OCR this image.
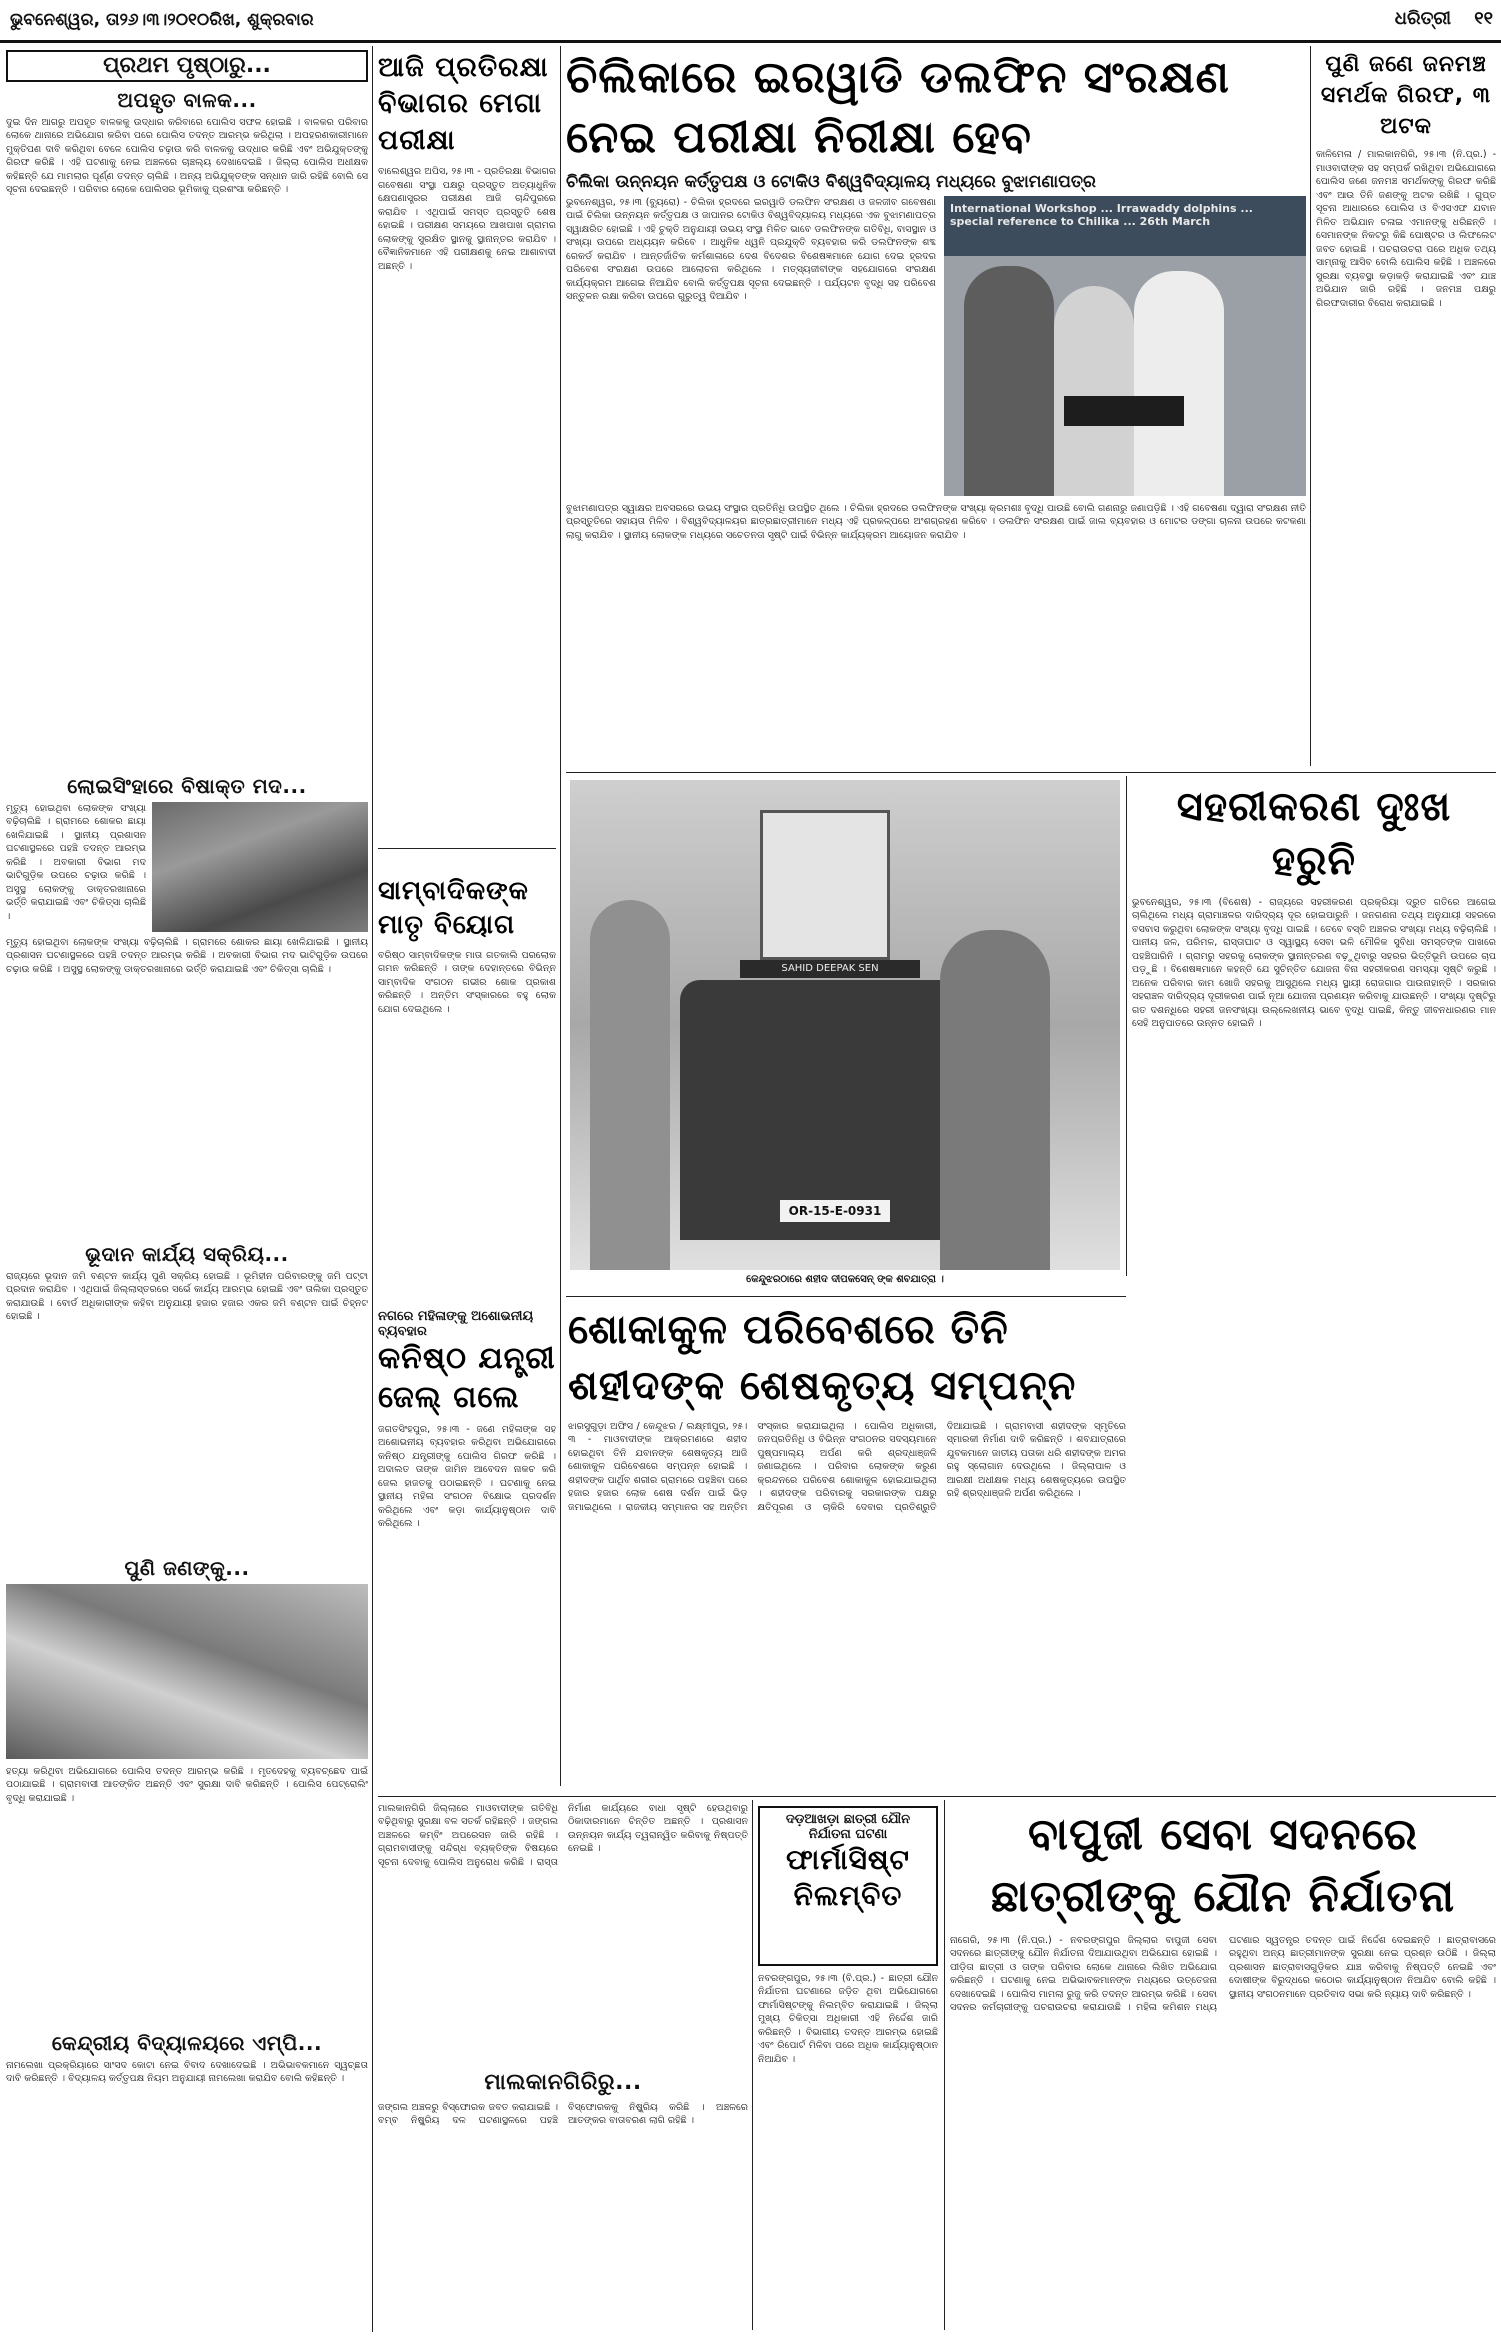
ଭୁବନେଶ୍ୱର, ତା୨୬।୩।୨୦୧୦ରିଖ, ଶୁକ୍ରବାର	ଧରିତ୍ରୀ ୧୧
ପ୍ରଥମ ପୃଷ୍ଠାରୁ...
ଅପହୃତ ବାଳକ...
ଦୁଇ ଦିନ ଆଗରୁ ଅପହୃତ ବାଳକକୁ ଉଦ୍ଧାର କରିବାରେ ପୋଲିସ ସଫଳ ହୋଇଛି । ବାଳକର ପରିବାର ଲୋକେ ଥାନାରେ ଅଭିଯୋଗ କରିବା ପରେ ପୋଲିସ ତଦନ୍ତ ଆରମ୍ଭ କରିଥିଲା । ଅପହରଣକାରୀମାନେ ମୁକ୍ତିପଣ ଦାବି କରିଥିବା ବେଳେ ପୋଲିସ ଚଢ଼ାଉ କରି ବାଳକକୁ ଉଦ୍ଧାର କରିଛି ଏବଂ ଅଭିଯୁକ୍ତଙ୍କୁ ଗିରଫ କରିଛି । ଏହି ଘଟଣାକୁ ନେଇ ଅଞ୍ଚଳରେ ଚାଞ୍ଚଲ୍ୟ ଦେଖାଦେଇଛି । ଜିଲ୍ଲା ପୋଲିସ ଅଧୀକ୍ଷକ କହିଛନ୍ତି ଯେ ମାମଲାର ପୂର୍ଣ୍ଣ ତଦନ୍ତ ଚାଲିଛି । ଅନ୍ୟ ଅଭିଯୁକ୍ତଙ୍କ ସନ୍ଧାନ ଜାରି ରହିଛି ବୋଲି ସେ ସୂଚନା ଦେଇଛନ୍ତି । ପରିବାର ଲୋକେ ପୋଲିସର ଭୂମିକାକୁ ପ୍ରଶଂସା କରିଛନ୍ତି ।
ଲୋଇସିଂହାରେ ବିଷାକ୍ତ ମଦ...
ମୃତ୍ୟୁ ହୋଇଥିବା ଲୋକଙ୍କ ସଂଖ୍ୟା ବଢ଼ିଚାଲିଛି । ଗ୍ରାମରେ ଶୋକର ଛାୟା ଖେଳିଯାଇଛି । ସ୍ଥାନୀୟ ପ୍ରଶାସନ ଘଟଣାସ୍ଥଳରେ ପହଞ୍ଚି ତଦନ୍ତ ଆରମ୍ଭ କରିଛି । ଅବକାରୀ ବିଭାଗ ମଦ ଭାଟିଗୁଡ଼ିକ ଉପରେ ଚଢ଼ାଉ କରିଛି । ଅସୁସ୍ଥ ଲୋକଙ୍କୁ ଡାକ୍ତରଖାନାରେ ଭର୍ତ୍ତି କରାଯାଇଛି ଏବଂ ଚିକିତ୍ସା ଚାଲିଛି ।
ମୃତ୍ୟୁ ହୋଇଥିବା ଲୋକଙ୍କ ସଂଖ୍ୟା ବଢ଼ିଚାଲିଛି । ଗ୍ରାମରେ ଶୋକର ଛାୟା ଖେଳିଯାଇଛି । ସ୍ଥାନୀୟ ପ୍ରଶାସନ ଘଟଣାସ୍ଥଳରେ ପହଞ୍ଚି ତଦନ୍ତ ଆରମ୍ଭ କରିଛି । ଅବକାରୀ ବିଭାଗ ମଦ ଭାଟିଗୁଡ଼ିକ ଉପରେ ଚଢ଼ାଉ କରିଛି । ଅସୁସ୍ଥ ଲୋକଙ୍କୁ ଡାକ୍ତରଖାନାରେ ଭର୍ତ୍ତି କରାଯାଇଛି ଏବଂ ଚିକିତ୍ସା ଚାଲିଛି ।
ଭୂଦାନ କାର୍ଯ୍ୟ ସକ୍ରିୟ...
ରାଜ୍ୟରେ ଭୂଦାନ ଜମି ବଣ୍ଟନ କାର୍ଯ୍ୟ ପୁଣି ସକ୍ରିୟ ହୋଇଛି । ଭୂମିହୀନ ପରିବାରଙ୍କୁ ଜମି ପଟ୍ଟା ପ୍ରଦାନ କରାଯିବ । ଏଥିପାଇଁ ଜିଲ୍ଲାସ୍ତରରେ ସର୍ଭେ କାର୍ଯ୍ୟ ଆରମ୍ଭ ହୋଇଛି ଏବଂ ତାଲିକା ପ୍ରସ୍ତୁତ କରାଯାଉଛି । ବୋର୍ଡ ଅଧିକାରୀଙ୍କ କହିବା ଅନୁଯାୟୀ ହଜାର ହଜାର ଏକର ଜମି ବଣ୍ଟନ ପାଇଁ ଚିହ୍ନଟ ହୋଇଛି ।
ପୁଣି ଜଣଙ୍କୁ...
ହତ୍ୟା କରିଥିବା ଅଭିଯୋଗରେ ପୋଲିସ ତଦନ୍ତ ଆରମ୍ଭ କରିଛି । ମୃତଦେହକୁ ବ୍ୟବଚ୍ଛେଦ ପାଇଁ ପଠାଯାଇଛି । ଗ୍ରାମବାସୀ ଆତଙ୍କିତ ଅଛନ୍ତି ଏବଂ ସୁରକ୍ଷା ଦାବି କରିଛନ୍ତି । ପୋଲିସ ପେଟ୍ରୋଲିଂ ବୃଦ୍ଧି କରାଯାଇଛି ।
କେନ୍ଦ୍ରୀୟ ବିଦ୍ୟାଳୟରେ ଏମ୍ପି...
ନାମଲେଖା ପ୍ରକ୍ରିୟାରେ ସାଂସଦ କୋଟା ନେଇ ବିବାଦ ଦେଖାଦେଇଛି । ଅଭିଭାବକମାନେ ସ୍ୱଚ୍ଛତା ଦାବି କରିଛନ୍ତି । ବିଦ୍ୟାଳୟ କର୍ତ୍ତୃପକ୍ଷ ନିୟମ ଅନୁଯାୟୀ ନାମଲେଖା କରାଯିବ ବୋଲି କହିଛନ୍ତି ।
ଆଜି ପ୍ରତିରକ୍ଷା ବିଭାଗର ମେଗା ପରୀକ୍ଷା
ବାଲେଶ୍ୱର ଅପିସ, ୨୫।୩ - ପ୍ରତିରକ୍ଷା ବିଭାଗର ଗବେଷଣା ସଂସ୍ଥା ପକ୍ଷରୁ ପ୍ରସ୍ତୁତ ଅତ୍ୟାଧୁନିକ କ୍ଷେପଣାସ୍ତ୍ରର ପରୀକ୍ଷଣ ଆଜି ଚାନ୍ଦିପୁରରେ କରାଯିବ । ଏଥିପାଇଁ ସମସ୍ତ ପ୍ରସ୍ତୁତି ଶେଷ ହୋଇଛି । ପରୀକ୍ଷଣ ସମୟରେ ଆଖପାଖ ଗ୍ରାମର ଲୋକଙ୍କୁ ସୁରକ୍ଷିତ ସ୍ଥାନକୁ ସ୍ଥାନାନ୍ତର କରାଯିବ । ବୈଜ୍ଞାନିକମାନେ ଏହି ପରୀକ୍ଷଣକୁ ନେଇ ଆଶାବାଦୀ ଅଛନ୍ତି ।
ସାମ୍ବାଦିକଙ୍କ ମାତୃ ବିୟୋଗ
ବରିଷ୍ଠ ସାମ୍ବାଦିକଙ୍କ ମାତା ଗତକାଲି ପରଲୋକ ଗମନ କରିଛନ୍ତି । ତାଙ୍କ ଦେହାନ୍ତରେ ବିଭିନ୍ନ ସାମ୍ବାଦିକ ସଂଗଠନ ଗଭୀର ଶୋକ ପ୍ରକାଶ କରିଛନ୍ତି । ଅନ୍ତିମ ସଂସ୍କାରରେ ବହୁ ଲୋକ ଯୋଗ ଦେଇଥିଲେ ।
ନଗରେ ମହିଳାଙ୍କୁ ଅଶୋଭନୀୟ ବ୍ୟବହାର
କନିଷ୍ଠ ଯନ୍ତ୍ରୀ ଜେଲ୍ ଗଲେ
ଜଗତସିଂହପୁର, ୨୫।୩ - ଜଣେ ମହିଳାଙ୍କ ସହ ଅଶୋଭନୀୟ ବ୍ୟବହାର କରିଥିବା ଅଭିଯୋଗରେ କନିଷ୍ଠ ଯନ୍ତ୍ରୀଙ୍କୁ ପୋଲିସ ଗିରଫ କରିଛି । ଅଦାଲତ ତାଙ୍କ ଜାମିନ ଆବେଦନ ନାକଚ କରି ଜେଲ ହାଜତକୁ ପଠାଇଛନ୍ତି । ଘଟଣାକୁ ନେଇ ସ୍ଥାନୀୟ ମହିଳା ସଂଗଠନ ବିକ୍ଷୋଭ ପ୍ରଦର୍ଶନ କରିଥିଲେ ଏବଂ କଡ଼ା କାର୍ଯ୍ୟାନୁଷ୍ଠାନ ଦାବି କରିଥିଲେ ।
ଚିଲିକାରେ ଇରୱାଡି ଡଲଫିନ ସଂରକ୍ଷଣ
ନେଇ ପରୀକ୍ଷା ନିରୀକ୍ଷା ହେବ
ଚିଲିକା ଉନ୍ନୟନ କର୍ତ୍ତୃପକ୍ଷ ଓ ଟୋକିଓ ବିଶ୍ୱବିଦ୍ୟାଳୟ ମଧ୍ୟରେ ବୁଝାମଣାପତ୍ର
ଭୁବନେଶ୍ୱର, ୨୫।୩ (ବ୍ୟୁରୋ) - ଚିଲିକା ହ୍ରଦରେ ଇରୱାଡି ଡଲଫିନ ସଂରକ୍ଷଣ ଓ ଜଳଜୀବ ଗବେଷଣା ପାଇଁ ଚିଲିକା ଉନ୍ନୟନ କର୍ତ୍ତୃପକ୍ଷ ଓ ଜାପାନର ଟୋକିଓ ବିଶ୍ୱବିଦ୍ୟାଳୟ ମଧ୍ୟରେ ଏକ ବୁଝାମଣାପତ୍ର ସ୍ୱାକ୍ଷରିତ ହୋଇଛି । ଏହି ଚୁକ୍ତି ଅନୁଯାୟୀ ଉଭୟ ସଂସ୍ଥା ମିଳିତ ଭାବେ ଡଲଫିନଙ୍କ ଗତିବିଧି, ବାସସ୍ଥାନ ଓ ସଂଖ୍ୟା ଉପରେ ଅଧ୍ୟୟନ କରିବେ । ଆଧୁନିକ ଧ୍ୱନି ପ୍ରଯୁକ୍ତି ବ୍ୟବହାର କରି ଡଲଫିନଙ୍କ ଶବ୍ଦ ରେକର୍ଡ କରାଯିବ । ଆନ୍ତର୍ଜାତିକ କର୍ମଶାଳାରେ ଦେଶ ବିଦେଶର ବିଶେଷଜ୍ଞମାନେ ଯୋଗ ଦେଇ ହ୍ରଦର ପରିବେଶ ସଂରକ୍ଷଣ ଉପରେ ଆଲୋଚନା କରିଥିଲେ । ମତ୍ସ୍ୟଜୀବୀଙ୍କ ସହଯୋଗରେ ସଂରକ୍ଷଣ କାର୍ଯ୍ୟକ୍ରମ ଆଗେଇ ନିଆଯିବ ବୋଲି କର୍ତ୍ତୃପକ୍ଷ ସୂଚନା ଦେଇଛନ୍ତି । ପର୍ଯ୍ୟଟନ ବୃଦ୍ଧି ସହ ପରିବେଶ ସନ୍ତୁଳନ ରକ୍ଷା କରିବା ଉପରେ ଗୁରୁତ୍ୱ ଦିଆଯିବ ।
International Workshop ... Irrawaddy dolphins ... special reference to Chilika ... 26th March
ବୁଝାମଣାପତ୍ର ସ୍ୱାକ୍ଷର ଅବସରରେ ଉଭୟ ସଂସ୍ଥାର ପ୍ରତିନିଧି ଉପସ୍ଥିତ ଥିଲେ । ଚିଲିକା ହ୍ରଦରେ ଡଲଫିନଙ୍କ ସଂଖ୍ୟା କ୍ରମଶଃ ବୃଦ୍ଧି ପାଉଛି ବୋଲି ଗଣନାରୁ ଜଣାପଡ଼ିଛି । ଏହି ଗବେଷଣା ଦ୍ୱାରା ସଂରକ୍ଷଣ ନୀତି ପ୍ରସ୍ତୁତିରେ ସହାୟତା ମିଳିବ । ବିଶ୍ୱବିଦ୍ୟାଳୟର ଛାତ୍ରଛାତ୍ରୀମାନେ ମଧ୍ୟ ଏହି ପ୍ରକଳ୍ପରେ ଅଂଶଗ୍ରହଣ କରିବେ । ଡଲଫିନ ସଂରକ୍ଷଣ ପାଇଁ ଜାଲ ବ୍ୟବହାର ଓ ମୋଟର ଡଙ୍ଗା ଚାଳନା ଉପରେ କଟକଣା ଲାଗୁ କରାଯିବ । ସ୍ଥାନୀୟ ଲୋକଙ୍କ ମଧ୍ୟରେ ସଚେତନତା ସୃଷ୍ଟି ପାଇଁ ବିଭିନ୍ନ କାର୍ଯ୍ୟକ୍ରମ ଆୟୋଜନ କରାଯିବ ।
ପୁଣି ଜଣେ ଜନମଞ୍ଚ ସମର୍ଥକ ଗିରଫ, ୩ ଅଟକ
କାଳିମେଳା / ମାଲକାନଗିରି, ୨୫।୩ (ନି.ପ୍ର.) - ମାଓବାଦୀଙ୍କ ସହ ସମ୍ପର୍କ ରଖିଥିବା ଅଭିଯୋଗରେ ପୋଲିସ ଜଣେ ଜନମଞ୍ଚ ସମର୍ଥକଙ୍କୁ ଗିରଫ କରିଛି ଏବଂ ଆଉ ତିନି ଜଣଙ୍କୁ ଅଟକ ରଖିଛି । ଗୁପ୍ତ ସୂଚନା ଆଧାରରେ ପୋଲିସ ଓ ବିଏସଏଫ ଯବାନ ମିଳିତ ଅଭିଯାନ ଚଳାଇ ଏମାନଙ୍କୁ ଧରିଛନ୍ତି । ସେମାନଙ୍କ ନିକଟରୁ କିଛି ପୋଷ୍ଟର ଓ ଲିଫଲେଟ ଜବତ ହୋଇଛି । ପଚରାଉଚରା ପରେ ଅଧିକ ତଥ୍ୟ ସାମ୍ନାକୁ ଆସିବ ବୋଲି ପୋଲିସ କହିଛି । ଅଞ୍ଚଳରେ ସୁରକ୍ଷା ବ୍ୟବସ୍ଥା କଡ଼ାକଡ଼ି କରାଯାଇଛି ଏବଂ ଯାଞ୍ଚ ଅଭିଯାନ ଜାରି ରହିଛି । ଜନମଞ୍ଚ ପକ୍ଷରୁ ଗିରଫଦାରୀର ବିରୋଧ କରାଯାଇଛି ।
SAHID DEEPAK SEN
OR-15-E-0931
କେନ୍ଦୁଝରଠାରେ ଶହୀଦ ଦୀପକସେନ୍ ଙ୍କ ଶବଯାତ୍ରା ।
ସହରୀକରଣ ଦୁଃଖ ହରୁନି
ଭୁବନେଶ୍ୱର, ୨୫।୩ (ବିଶେଷ) - ରାଜ୍ୟରେ ସହରୀକରଣ ପ୍ରକ୍ରିୟା ଦ୍ରୁତ ଗତିରେ ଆଗେଇ ଚାଲିଥିଲେ ମଧ୍ୟ ଗ୍ରାମାଞ୍ଚଳର ଦାରିଦ୍ର୍ୟ ଦୂର ହୋଇପାରୁନି । ଜନଗଣନା ତଥ୍ୟ ଅନୁଯାୟୀ ସହରରେ ବସବାସ କରୁଥିବା ଲୋକଙ୍କ ସଂଖ୍ୟା ବୃଦ୍ଧି ପାଇଛି । ତେବେ ବସ୍ତି ଅଞ୍ଚଳର ସଂଖ୍ୟା ମଧ୍ୟ ବଢ଼ିଚାଲିଛି । ପାନୀୟ ଜଳ, ପରିମଳ, ରାସ୍ତାଘାଟ ଓ ସ୍ୱାସ୍ଥ୍ୟ ସେବା ଭଳି ମୌଳିକ ସୁବିଧା ସମସ୍ତଙ୍କ ପାଖରେ ପହଞ୍ଚିପାରିନି । ଗ୍ରାମରୁ ସହରକୁ ଲୋକଙ୍କ ସ୍ଥାନାନ୍ତରଣ ବଢ଼ୁଥିବାରୁ ସହରର ଭିତ୍ତିଭୂମି ଉପରେ ଚାପ ପଡ଼ୁଛି । ବିଶେଷଜ୍ଞମାନେ କହନ୍ତି ଯେ ସୁଚିନ୍ତିତ ଯୋଜନା ବିନା ସହରୀକରଣ ସମସ୍ୟା ସୃଷ୍ଟି କରୁଛି । ଅନେକ ପରିବାର କାମ ଖୋଜି ସହରକୁ ଆସୁଥିଲେ ମଧ୍ୟ ସ୍ଥାୟୀ ରୋଜଗାର ପାଉନାହାନ୍ତି । ସରକାର ସହରାଞ୍ଚଳ ଦାରିଦ୍ର୍ୟ ଦୂରୀକରଣ ପାଇଁ ନୂଆ ଯୋଜନା ପ୍ରଣୟନ କରିବାକୁ ଯାଉଛନ୍ତି । ସଂଖ୍ୟା ଦୃଷ୍ଟିରୁ ଗତ ଦଶନ୍ଧିରେ ସହରୀ ଜନସଂଖ୍ୟା ଉଲ୍ଲେଖନୀୟ ଭାବେ ବୃଦ୍ଧି ପାଇଛି, କିନ୍ତୁ ଜୀବନଧାରଣର ମାନ ସେହି ଅନୁପାତରେ ଉନ୍ନତ ହୋଇନି ।
ଶୋକାକୁଳ ପରିବେଶରେ ତିନି
ଶହୀଦଙ୍କ ଶେଷକୃତ୍ୟ ସମ୍ପନ୍ନ
ଝାରସୁଗୁଡ଼ା ଅଫିସ / କେନ୍ଦୁଝର / ଲକ୍ଷ୍ମୀପୁର, ୨୫।୩ - ମାଓବାଦୀଙ୍କ ଆକ୍ରମଣରେ ଶହୀଦ ହୋଇଥିବା ତିନି ଯବାନଙ୍କ ଶେଷକୃତ୍ୟ ଆଜି ଶୋକାକୁଳ ପରିବେଶରେ ସମ୍ପନ୍ନ ହୋଇଛି । ଶହୀଦଙ୍କ ପାର୍ଥିବ ଶରୀର ଗ୍ରାମରେ ପହଞ୍ଚିବା ପରେ ହଜାର ହଜାର ଲୋକ ଶେଷ ଦର୍ଶନ ପାଇଁ ଭିଡ଼ ଜମାଇଥିଲେ । ରାଜକୀୟ ସମ୍ମାନର ସହ ଅନ୍ତିମ ସଂସ୍କାର କରାଯାଇଥିଲା । ପୋଲିସ ଅଧିକାରୀ, ଜନପ୍ରତିନିଧି ଓ ବିଭିନ୍ନ ସଂଗଠନର ସଦସ୍ୟମାନେ ପୁଷ୍ପମାଲ୍ୟ ଅର୍ପଣ କରି ଶ୍ରଦ୍ଧାଞ୍ଜଳି ଜଣାଇଥିଲେ । ପରିବାର ଲୋକଙ୍କ କରୁଣ କ୍ରନ୍ଦନରେ ପରିବେଶ ଶୋକାକୁଳ ହୋଇଯାଇଥିଲା । ଶହୀଦଙ୍କ ପରିବାରକୁ ସରକାରଙ୍କ ପକ୍ଷରୁ କ୍ଷତିପୂରଣ ଓ ଚାକିରି ଦେବାର ପ୍ରତିଶ୍ରୁତି ଦିଆଯାଇଛି । ଗ୍ରାମବାସୀ ଶହୀଦଙ୍କ ସ୍ମୃତିରେ ସ୍ମାରକୀ ନିର୍ମାଣ ଦାବି କରିଛନ୍ତି । ଶବଯାତ୍ରାରେ ଯୁବକମାନେ ଜାତୀୟ ପତାକା ଧରି ଶହୀଦଙ୍କ ଅମର ରହୁ ସ୍ଲୋଗାନ ଦେଉଥିଲେ । ଜିଲ୍ଲାପାଳ ଓ ଆରକ୍ଷୀ ଅଧୀକ୍ଷକ ମଧ୍ୟ ଶେଷକୃତ୍ୟରେ ଉପସ୍ଥିତ ରହି ଶ୍ରଦ୍ଧାଞ୍ଜଳି ଅର୍ପଣ କରିଥିଲେ ।
ମାଲକାନଗିରି ଜିଲ୍ଲାରେ ମାଓବାଦୀଙ୍କ ଗତିବିଧି ବଢ଼ିଥିବାରୁ ସୁରକ୍ଷା ବଳ ସତର୍କ ରହିଛନ୍ତି । ଜଙ୍ଗଲ ଅଞ୍ଚଳରେ କମ୍ବିଂ ଅପରେସନ ଜାରି ରହିଛି । ଗ୍ରାମବାସୀଙ୍କୁ ସନ୍ଦିଗ୍ଧ ବ୍ୟକ୍ତିଙ୍କ ବିଷୟରେ ସୂଚନା ଦେବାକୁ ପୋଲିସ ଅନୁରୋଧ କରିଛି । ରାସ୍ତା ନିର୍ମାଣ କାର୍ଯ୍ୟରେ ବାଧା ସୃଷ୍ଟି ହେଉଥିବାରୁ ଠିକାଦାରମାନେ ଚିନ୍ତିତ ଅଛନ୍ତି । ପ୍ରଶାସନ ଉନ୍ନୟନ କାର୍ଯ୍ୟ ତ୍ୱରାନ୍ୱିତ କରିବାକୁ ନିଷ୍ପତ୍ତି ନେଇଛି ।
ମାଲକାନଗିରିରୁ...
ଜଙ୍ଗଲ ଅଞ୍ଚଳରୁ ବିସ୍ଫୋରକ ଜବତ କରାଯାଇଛି । ବମ୍ବ ନିଷ୍କ୍ରିୟ ଦଳ ଘଟଣାସ୍ଥଳରେ ପହଞ୍ଚି ବିସ୍ଫୋରକକୁ ନିଷ୍କ୍ରିୟ କରିଛି । ଅଞ୍ଚଳରେ ଆତଙ୍କର ବାତାବରଣ ଲାଗି ରହିଛି ।
ଦଡ଼ଆଖଡ଼ା ଛାତ୍ରୀ ଯୌନ ନିର୍ଯାତନା ଘଟଣା
ଫାର୍ମାସିଷ୍ଟ ନିଲମ୍ବିତ
ନବରଙ୍ଗପୁର, ୨୫।୩ (ବି.ପ୍ର.) - ଛାତ୍ରୀ ଯୌନ ନିର୍ଯାତନା ଘଟଣାରେ ଜଡ଼ିତ ଥିବା ଅଭିଯୋଗରେ ଫାର୍ମାସିଷ୍ଟଙ୍କୁ ନିଲମ୍ବିତ କରାଯାଇଛି । ଜିଲ୍ଲା ମୁଖ୍ୟ ଚିକିତ୍ସା ଅଧିକାରୀ ଏହି ନିର୍ଦ୍ଦେଶ ଜାରି କରିଛନ୍ତି । ବିଭାଗୀୟ ତଦନ୍ତ ଆରମ୍ଭ ହୋଇଛି ଏବଂ ରିପୋର୍ଟ ମିଳିବା ପରେ ଅଧିକ କାର୍ଯ୍ୟାନୁଷ୍ଠାନ ନିଆଯିବ ।
ବାପୁଜୀ ସେବା ସଦନରେ
ଛାତ୍ରୀଙ୍କୁ ଯୌନ ନିର୍ଯାତନା
ନାଗେରି, ୨୫।୩ (ନି.ପ୍ର.) - ନବରଙ୍ଗପୁର ଜିଲ୍ଲାର ବାପୁଜୀ ସେବା ସଦନରେ ଛାତ୍ରୀଙ୍କୁ ଯୌନ ନିର୍ଯାତନା ଦିଆଯାଉଥିବା ଅଭିଯୋଗ ହୋଇଛି । ପୀଡ଼ିତା ଛାତ୍ରୀ ଓ ତାଙ୍କ ପରିବାର ଲୋକେ ଥାନାରେ ଲିଖିତ ଅଭିଯୋଗ କରିଛନ୍ତି । ଘଟଣାକୁ ନେଇ ଅଭିଭାବକମାନଙ୍କ ମଧ୍ୟରେ ଉତ୍ତେଜନା ଦେଖାଦେଇଛି । ପୋଲିସ ମାମଲା ରୁଜୁ କରି ତଦନ୍ତ ଆରମ୍ଭ କରିଛି । ସେବା ସଦନର କର୍ମଚାରୀଙ୍କୁ ପଚରାଉଚରା କରାଯାଉଛି । ମହିଳା କମିଶନ ମଧ୍ୟ ଘଟଣାର ସ୍ୱତନ୍ତ୍ର ତଦନ୍ତ ପାଇଁ ନିର୍ଦ୍ଦେଶ ଦେଇଛନ୍ତି । ଛାତ୍ରାବାସରେ ରହୁଥିବା ଅନ୍ୟ ଛାତ୍ରୀମାନଙ୍କ ସୁରକ୍ଷା ନେଇ ପ୍ରଶ୍ନ ଉଠିଛି । ଜିଲ୍ଲା ପ୍ରଶାସନ ଛାତ୍ରାବାସଗୁଡ଼ିକର ଯାଞ୍ଚ କରିବାକୁ ନିଷ୍ପତ୍ତି ନେଇଛି ଏବଂ ଦୋଷୀଙ୍କ ବିରୁଦ୍ଧରେ କଠୋର କାର୍ଯ୍ୟାନୁଷ୍ଠାନ ନିଆଯିବ ବୋଲି କହିଛି । ସ୍ଥାନୀୟ ସଂଗଠନମାନେ ପ୍ରତିବାଦ ସଭା କରି ନ୍ୟାୟ ଦାବି କରିଛନ୍ତି ।
